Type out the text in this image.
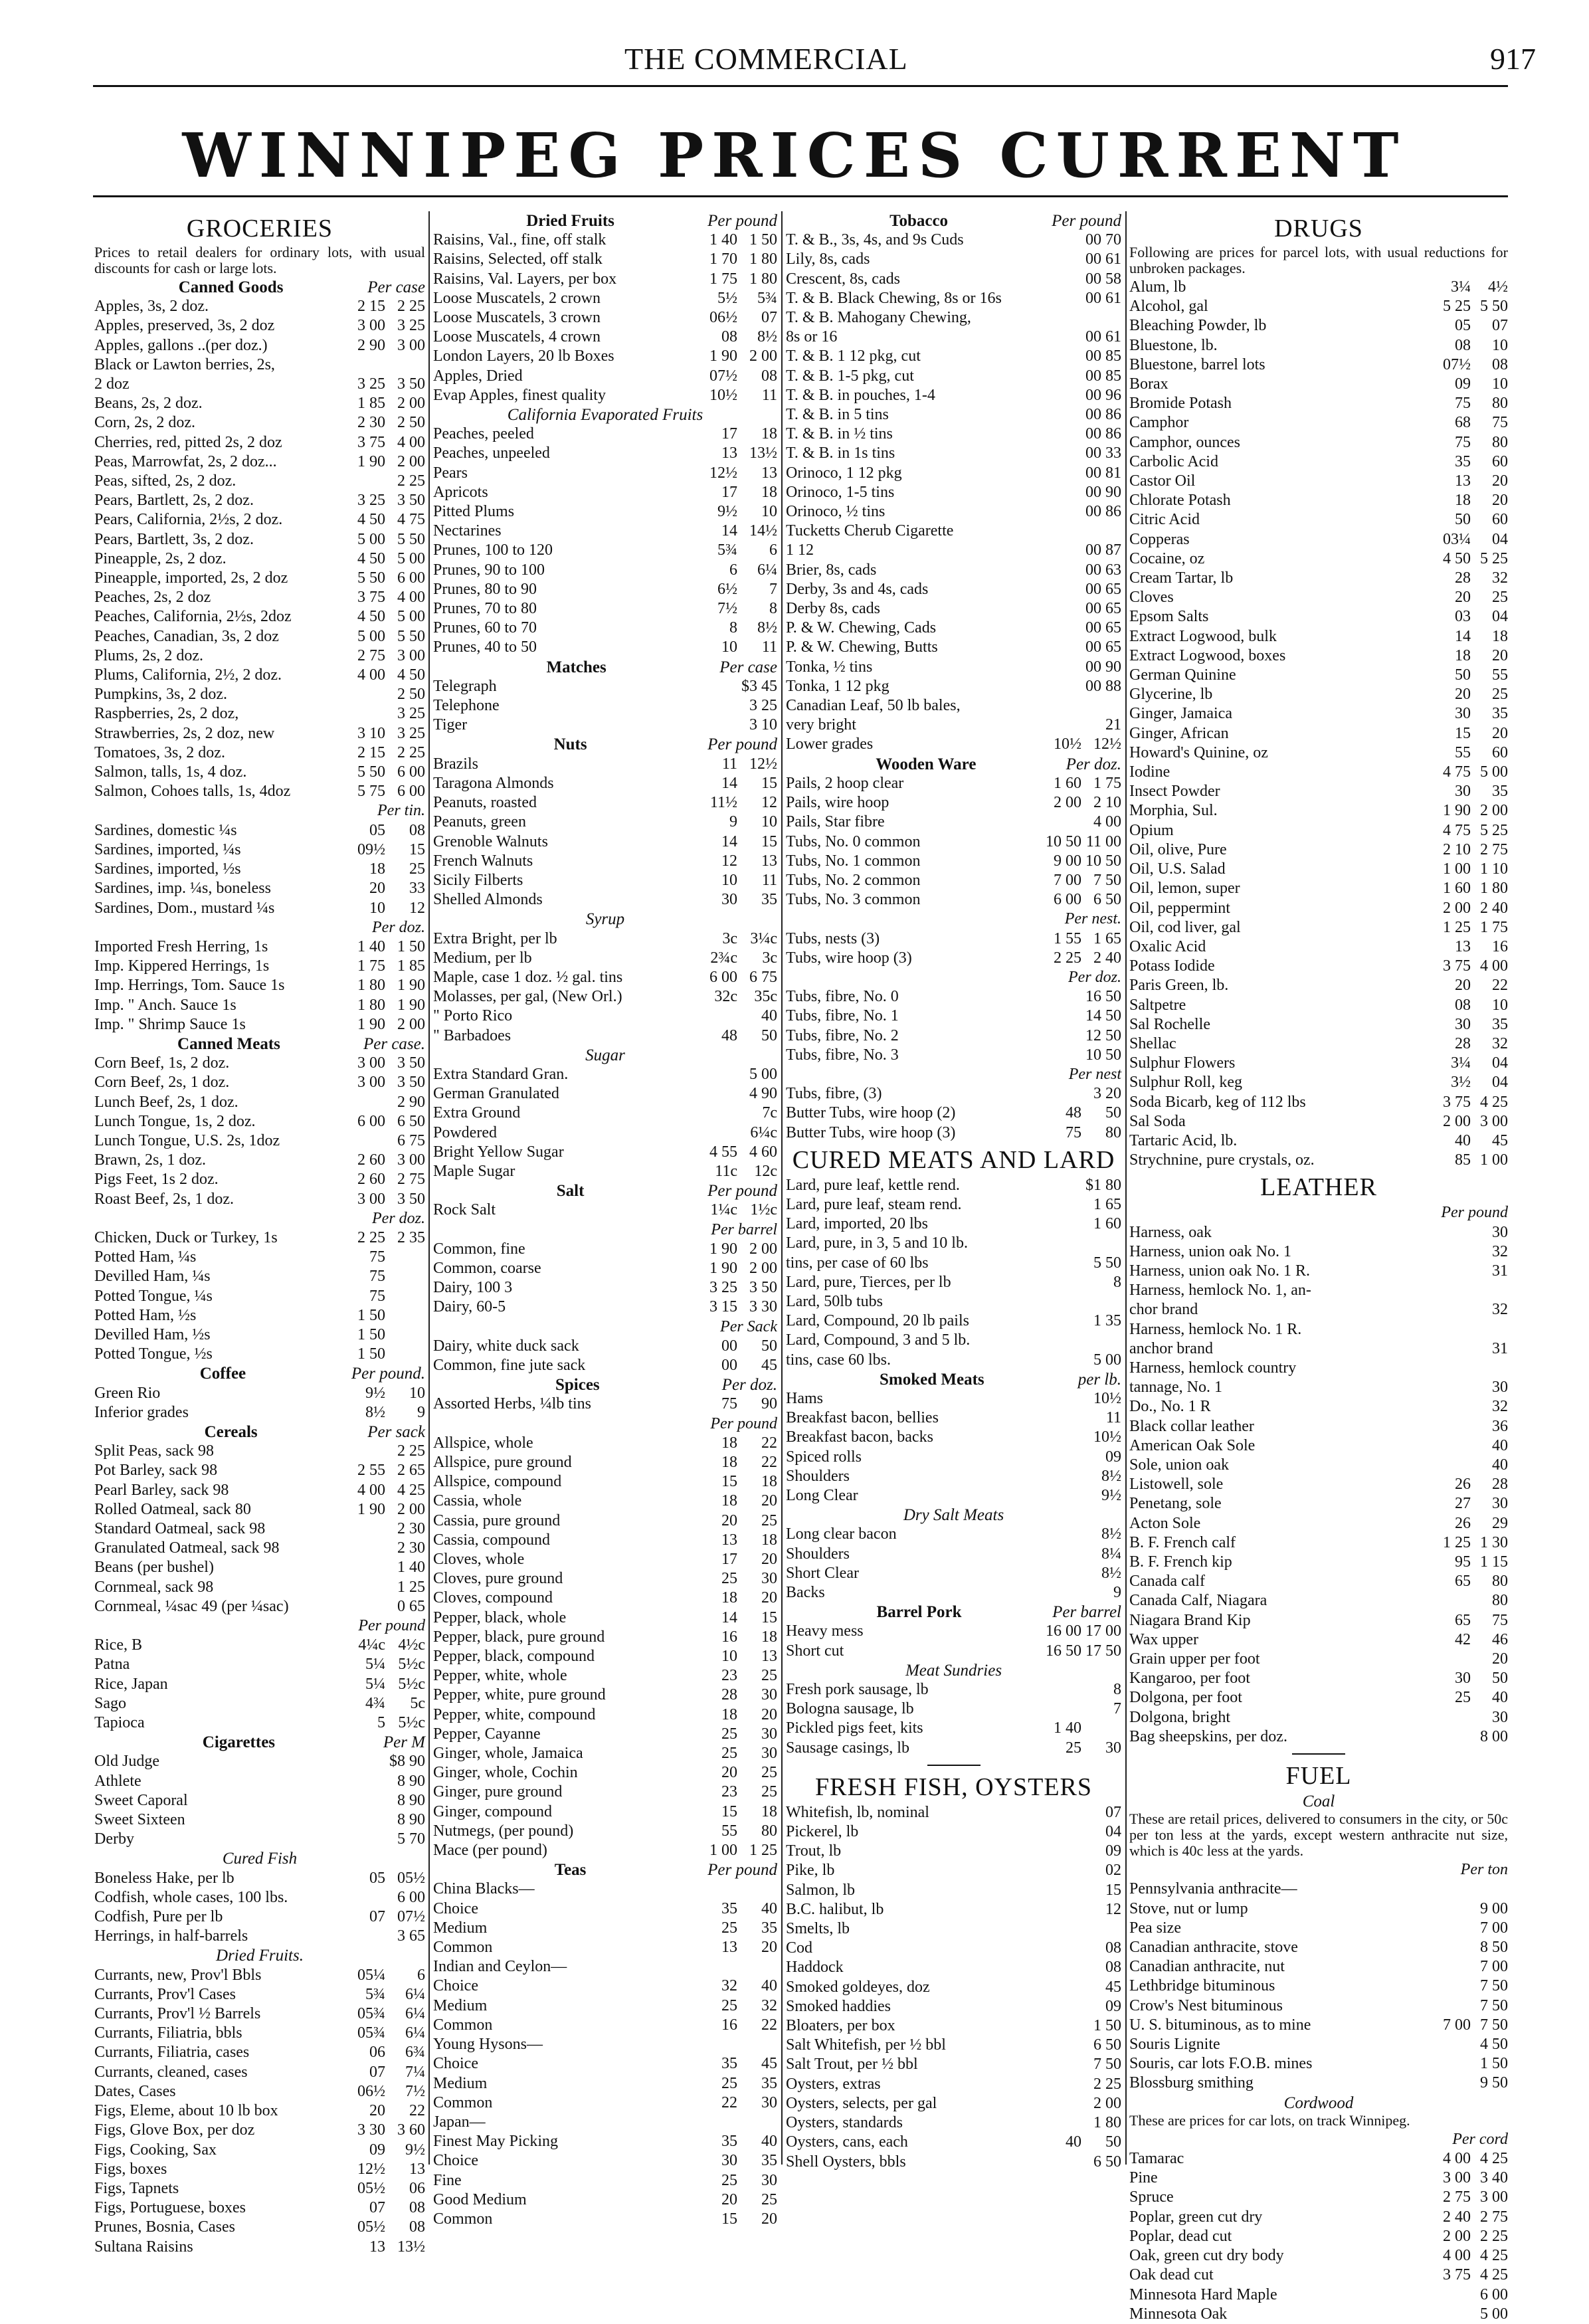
THE COMMERCIAL	917
WINNIPEG PRICES CURRENT
GROCERIES
Prices to retail dealers for ordinary lots, with usual discounts for cash or large lots.
Canned Goods	Per case
Apples, 3s, 2 doz.	2 15 2 25
Apples, preserved, 3s, 2 doz	3 00 3 25
Apples, gallons ..(per doz.)	2 90 3 00
Black or Lawton berries, 2s,
2 doz	3 25 3 50
Beans, 2s, 2 doz.	1 85 2 00
Corn, 2s, 2 doz.	2 30 2 50
Cherries, red, pitted 2s, 2 doz	3 75 4 00
Peas, Marrowfat, 2s, 2 doz...	1 90 2 00
Peas, sifted, 2s, 2 doz.	2 25
Pears, Bartlett, 2s, 2 doz.	3 25 3 50
Pears, California, 2½s, 2 doz.	4 50 4 75
Pears, Bartlett, 3s, 2 doz.	5 00 5 50
Pineapple, 2s, 2 doz.	4 50 5 00
Pineapple, imported, 2s, 2 doz	5 50 6 00
Peaches, 2s, 2 doz	3 75 4 00
Peaches, California, 2½s, 2doz	4 50 5 00
Peaches, Canadian, 3s, 2 doz	5 00 5 50
Plums, 2s, 2 doz.	2 75 3 00
Plums, California, 2½, 2 doz.	4 00 4 50
Pumpkins, 3s, 2 doz.	2 50
Raspberries, 2s, 2 doz,	3 25
Strawberries, 2s, 2 doz, new	3 10 3 25
Tomatoes, 3s, 2 doz.	2 15 2 25
Salmon, talls, 1s, 4 doz.	5 50 6 00
Salmon, Cohoes talls, 1s, 4doz	5 75 6 00
Per tin.
Sardines, domestic ¼s	05	08
Sardines, imported, ¼s	09½	15
Sardines, imported, ½s	18	25
Sardines, imp. ¼s, boneless	20	33
Sardines, Dom., mustard ¼s	10	12
Per doz.
Imported Fresh Herring, 1s	1 40 1 50
Imp. Kippered Herrings, 1s	1 75 1 85
Imp. Herrings, Tom. Sauce 1s	1 80 1 90
Imp. " Anch. Sauce 1s	1 80 1 90
Imp. " Shrimp Sauce 1s	1 90 2 00
Canned Meats	Per case.
Corn Beef, 1s, 2 doz.	3 00 3 50
Corn Beef, 2s, 1 doz.	3 00 3 50
Lunch Beef, 2s, 1 doz.	2 90
Lunch Tongue, 1s, 2 doz.	6 00 6 50
Lunch Tongue, U.S. 2s, 1doz	6 75
Brawn, 2s, 1 doz.	2 60 3 00
Pigs Feet, 1s 2 doz.	2 60 2 75
Roast Beef, 2s, 1 doz.	3 00 3 50
Per doz.
Chicken, Duck or Turkey, 1s	2 25 2 35
Potted Ham, ¼s	75
Devilled Ham, ¼s	75
Potted Tongue, ¼s	75
Potted Ham, ½s	1 50
Devilled Ham, ½s	1 50
Potted Tongue, ½s	1 50
Coffee	Per pound.
Green Rio	9½	10
Inferior grades	8½	9
Cereals	Per sack
Split Peas, sack 98	2 25
Pot Barley, sack 98	2 55 2 65
Pearl Barley, sack 98	4 00 4 25
Rolled Oatmeal, sack 80	1 90 2 00
Standard Oatmeal, sack 98	2 30
Granulated Oatmeal, sack 98	2 30
Beans (per bushel)	1 40
Cornmeal, sack 98	1 25
Cornmeal, ¼sac 49 (per ¼sac)	0 65
Per pound
Rice, B	4¼c 4½c
Patna	5¼ 5½c
Rice, Japan	5¼ 5½c
Sago	4¾	5c
Tapioca	5 5½c
Cigarettes	Per M
Old Judge	$8 90
Athlete	8 90
Sweet Caporal	8 90
Sweet Sixteen	8 90
Derby	5 70
Cured Fish
Boneless Hake, per lb	05 05½
Codfish, whole cases, 100 lbs.	6 00
Codfish, Pure per lb	07 07½
Herrings, in half-barrels	3 65
Dried Fruits.
Currants, new, Prov'l Bbls	05¼	6
Currants, Prov'l Cases	5¾	6¼
Currants, Prov'l ½ Barrels	05¾	6¼
Currants, Filiatria, bbls	05¾	6¼
Currants, Filiatria, cases	06	6¾
Currants, cleaned, cases	07	7¼
Dates, Cases	06½	7½
Figs, Eleme, about 10 lb box	20	22
Figs, Glove Box, per doz	3 30 3 60
Figs, Cooking, Sax	09	9½
Figs, boxes	12½	13
Figs, Tapnets	05½	06
Figs, Portuguese, boxes	07	08
Prunes, Bosnia, Cases	05½	08
Sultana Raisins	13 13½
Dried Fruits	Per pound
Raisins, Val., fine, off stalk	1 40 1 50
Raisins, Selected, off stalk	1 70 1 80
Raisins, Val. Layers, per box	1 75 1 80
Loose Muscatels, 2 crown	5½	5¾
Loose Muscatels, 3 crown	06½	07
Loose Muscatels, 4 crown	08	8½
London Layers, 20 lb Boxes	1 90 2 00
Apples, Dried	07½	08
Evap Apples, finest quality	10½	11
California Evaporated Fruits
Peaches, peeled	17	18
Peaches, unpeeled	13 13½
Pears	12½	13
Apricots	17	18
Pitted Plums	9½	10
Nectarines	14 14½
Prunes, 100 to 120	5¾	6
Prunes, 90 to 100	6	6¼
Prunes, 80 to 90	6½	7
Prunes, 70 to 80	7½	8
Prunes, 60 to 70	8	8½
Prunes, 40 to 50	10	11
Matches	Per case
Telegraph	$3 45
Telephone	3 25
Tiger	3 10
Nuts	Per pound
Brazils	11 12½
Taragona Almonds	14	15
Peanuts, roasted	11½	12
Peanuts, green	9	10
Grenoble Walnuts	14	15
French Walnuts	12	13
Sicily Filberts	10	11
Shelled Almonds	30	35
Syrup
Extra Bright, per lb	3c 3¼c
Medium, per lb	2¾c	3c
Maple, case 1 doz. ½ gal. tins	6 00 6 75
Molasses, per gal, (New Orl.)	32c	35c
" Porto Rico	40
" Barbadoes	48	50
Sugar
Extra Standard Gran.	5 00
German Granulated	4 90
Extra Ground	7c
Powdered	6¼c
Bright Yellow Sugar	4 55 4 60
Maple Sugar	11c	12c
Salt	Per pound
Rock Salt	1¼c 1½c
Per barrel
Common, fine	1 90 2 00
Common, coarse	1 90 2 00
Dairy, 100 3	3 25 3 50
Dairy, 60-5	3 15 3 30
Per Sack
Dairy, white duck sack	00	50
Common, fine jute sack	00	45
Spices	Per doz.
Assorted Herbs, ¼lb tins	75	90
Per pound
Allspice, whole	18	22
Allspice, pure ground	18	22
Allspice, compound	15	18
Cassia, whole	18	20
Cassia, pure ground	20	25
Cassia, compound	13	18
Cloves, whole	17	20
Cloves, pure ground	25	30
Cloves, compound	18	20
Pepper, black, whole	14	15
Pepper, black, pure ground	16	18
Pepper, black, compound	10	13
Pepper, white, whole	23	25
Pepper, white, pure ground	28	30
Pepper, white, compound	18	20
Pepper, Cayanne	25	30
Ginger, whole, Jamaica	25	30
Ginger, whole, Cochin	20	25
Ginger, pure ground	23	25
Ginger, compound	15	18
Nutmegs, (per pound)	55	80
Mace (per pound)	1 00 1 25
Teas	Per pound
China Blacks—
Choice	35	40
Medium	25	35
Common	13	20
Indian and Ceylon—
Choice	32	40
Medium	25	32
Common	16	22
Young Hysons—
Choice	35	45
Medium	25	35
Common	22	30
Japan—
Finest May Picking	35	40
Choice	30	35
Fine	25	30
Good Medium	20	25
Common	15	20
Tobacco	Per pound
T. & B., 3s, 4s, and 9s Cuds	00 70
Lily, 8s, cads	00 61
Crescent, 8s, cads	00 58
T. & B. Black Chewing, 8s or 16s	00 61
T. & B. Mahogany Chewing,
8s or 16	00 61
T. & B. 1 12 pkg, cut	00 85
T. & B. 1-5 pkg, cut	00 85
T. & B. in pouches, 1-4	00 96
T. & B. in 5 tins	00 86
T. & B. in ½ tins	00 86
T. & B. in 1s tins	00 33
Orinoco, 1 12 pkg	00 81
Orinoco, 1-5 tins	00 90
Orinoco, ½ tins	00 86
Tucketts Cherub Cigarette
1 12	00 87
Brier, 8s, cads	00 63
Derby, 3s and 4s, cads	00 65
Derby 8s, cads	00 65
P. & W. Chewing, Cads	00 65
P. & W. Chewing, Butts	00 65
Tonka, ½ tins	00 90
Tonka, 1 12 pkg	00 88
Canadian Leaf, 50 lb bales,
very bright	21
Lower grades	10½ 12½
Wooden Ware	Per doz.
Pails, 2 hoop clear	1 60 1 75
Pails, wire hoop	2 00 2 10
Pails, Star fibre	4 00
Tubs, No. 0 common	10 50 11 00
Tubs, No. 1 common	9 00 10 50
Tubs, No. 2 common	7 00 7 50
Tubs, No. 3 common	6 00 6 50
Per nest.
Tubs, nests (3)	1 55 1 65
Tubs, wire hoop (3)	2 25 2 40
Per doz.
Tubs, fibre, No. 0	16 50
Tubs, fibre, No. 1	14 50
Tubs, fibre, No. 2	12 50
Tubs, fibre, No. 3	10 50
Per nest
Tubs, fibre, (3)	3 20
Butter Tubs, wire hoop (2)	48	50
Butter Tubs, wire hoop (3)	75	80
CURED MEATS AND LARD
Lard, pure leaf, kettle rend.	$1 80
Lard, pure leaf, steam rend.	1 65
Lard, imported, 20 lbs	1 60
Lard, pure, in 3, 5 and 10 lb.
tins, per case of 60 lbs	5 50
Lard, pure, Tierces, per lb	8
Lard, 50lb tubs
Lard, Compound, 20 lb pails	1 35
Lard, Compound, 3 and 5 lb.
tins, case 60 lbs.	5 00
Smoked Meats	per lb.
Hams	10½
Breakfast bacon, bellies	11
Breakfast bacon, backs	10½
Spiced rolls	09
Shoulders	8½
Long Clear	9½
Dry Salt Meats
Long clear bacon	8½
Shoulders	8¼
Short Clear	8½
Backs	9
Barrel Pork	Per barrel
Heavy mess	16 00 17 00
Short cut	16 50 17 50
Meat Sundries
Fresh pork sausage, lb	8
Bologna sausage, lb	7
Pickled pigs feet, kits	1 40
Sausage casings, lb	25	30
FRESH FISH, OYSTERS
Whitefish, lb, nominal	07
Pickerel, lb	04
Trout, lb	09
Pike, lb	02
Salmon, lb	15
B.C. halibut, lb	12
Smelts, lb
Cod	08
Haddock	08
Smoked goldeyes, doz	45
Smoked haddies	09
Bloaters, per box	1 50
Salt Whitefish, per ½ bbl	6 50
Salt Trout, per ½ bbl	7 50
Oysters, extras	2 25
Oysters, selects, per gal	2 00
Oysters, standards	1 80
Oysters, cans, each	40	50
Shell Oysters, bbls	6 50
DRUGS
Following are prices for parcel lots, with usual reductions for unbroken packages.
Alum, lb	3¼	4½
Alcohol, gal	5 25 5 50
Bleaching Powder, lb	05	07
Bluestone, lb.	08	10
Bluestone, barrel lots	07½	08
Borax	09	10
Bromide Potash	75	80
Camphor	68	75
Camphor, ounces	75	80
Carbolic Acid	35	60
Castor Oil	13	20
Chlorate Potash	18	20
Citric Acid	50	60
Copperas	03¼	04
Cocaine, oz	4 50 5 25
Cream Tartar, lb	28	32
Cloves	20	25
Epsom Salts	03	04
Extract Logwood, bulk	14	18
Extract Logwood, boxes	18	20
German Quinine	50	55
Glycerine, lb	20	25
Ginger, Jamaica	30	35
Ginger, African	15	20
Howard's Quinine, oz	55	60
Iodine	4 75 5 00
Insect Powder	30	35
Morphia, Sul.	1 90 2 00
Opium	4 75 5 25
Oil, olive, Pure	2 10 2 75
Oil, U.S. Salad	1 00 1 10
Oil, lemon, super	1 60 1 80
Oil, peppermint	2 00 2 40
Oil, cod liver, gal	1 25 1 75
Oxalic Acid	13	16
Potass Iodide	3 75 4 00
Paris Green, lb.	20	22
Saltpetre	08	10
Sal Rochelle	30	35
Shellac	28	32
Sulphur Flowers	3¼	04
Sulphur Roll, keg	3½	04
Soda Bicarb, keg of 112 lbs	3 75 4 25
Sal Soda	2 00 3 00
Tartaric Acid, lb.	40	45
Strychnine, pure crystals, oz.	85 1 00
LEATHER
Per pound
Harness, oak	30
Harness, union oak No. 1	32
Harness, union oak No. 1 R.	31
Harness, hemlock No. 1, an-
chor brand	32
Harness, hemlock No. 1 R.
anchor brand	31
Harness, hemlock country
tannage, No. 1	30
Do., No. 1 R	32
Black collar leather	36
American Oak Sole	40
Sole, union oak	40
Listowell, sole	26	28
Penetang, sole	27	30
Acton Sole	26	29
B. F. French calf	1 25 1 30
B. F. French kip	95 1 15
Canada calf	65	80
Canada Calf, Niagara	80
Niagara Brand Kip	65	75
Wax upper	42	46
Grain upper per foot	20
Kangaroo, per foot	30	50
Dolgona, per foot	25	40
Dolgona, bright	30
Bag sheepskins, per doz.	8 00
FUEL
Coal
These are retail prices, delivered to consumers in the city, or 50c per ton less at the yards, except western anthracite nut size, which is 40c less at the yards.
Per ton
Pennsylvania anthracite—
Stove, nut or lump	9 00
Pea size	7 00
Canadian anthracite, stove	8 50
Canadian anthracite, nut	7 00
Lethbridge bituminous	7 50
Crow's Nest bituminous	7 50
U. S. bituminous, as to mine	7 00 7 50
Souris Lignite	4 50
Souris, car lots F.O.B. mines	1 50
Blossburg smithing	9 50
Cordwood
These are prices for car lots, on track Winnipeg.
Per cord
Tamarac	4 00 4 25
Pine	3 00 3 40
Spruce	2 75 3 00
Poplar, green cut dry	2 40 2 75
Poplar, dead cut	2 00 2 25
Oak, green cut dry body	4 00 4 25
Oak dead cut	3 75 4 25
Minnesota Hard Maple	6 00
Minnesota Oak	5 00
